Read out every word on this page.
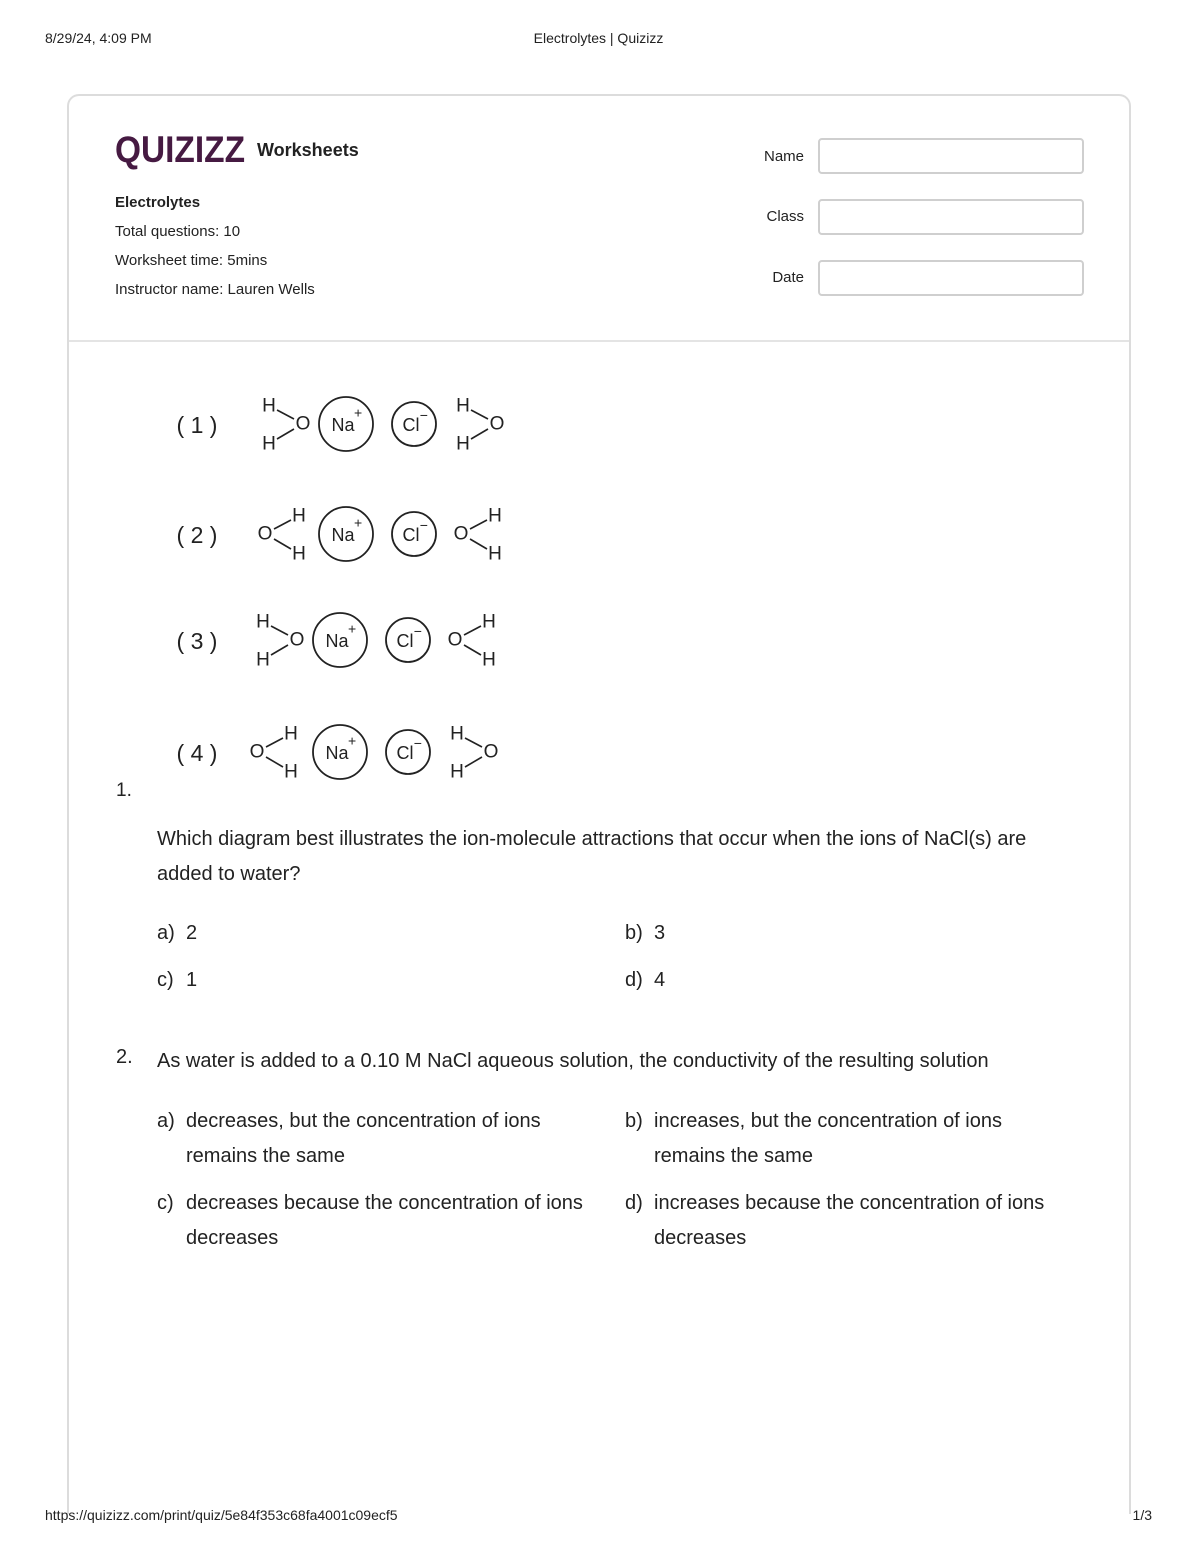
8/29/24, 4:09 PM	Electrolytes | Quizizz
QUIZIZZ Worksheets
Electrolytes
Total questions: 10
Worksheet time: 5mins
Instructor name: Lauren Wells
Name
Class
Date
( 1 )
H
H
O Na
+
Cl
− H
H
O
( 2 ) O
H
H
Na
+
Cl
− O
H
H
( 3 )
H
H
O Na
+
Cl
− O
H
H
( 4 ) O
H
H
Na
+
Cl
− H
H
O
1.
Which diagram best illustrates the ion-molecule attractions that occur when the ions of NaCl(s) are added to water?
a) 2	b) 3
c) 1	d) 4
2. As water is added to a 0.10 M NaCl aqueous solution, the conductivity of the resulting solution
a) decreases, but the concentration of ions remains the same
b) increases, but the concentration of ions remains the same
c) decreases because the concentration of ions decreases
d) increases because the concentration of ions decreases
https://quizizz.com/print/quiz/5e84f353c68fa4001c09ecf5	1/3
